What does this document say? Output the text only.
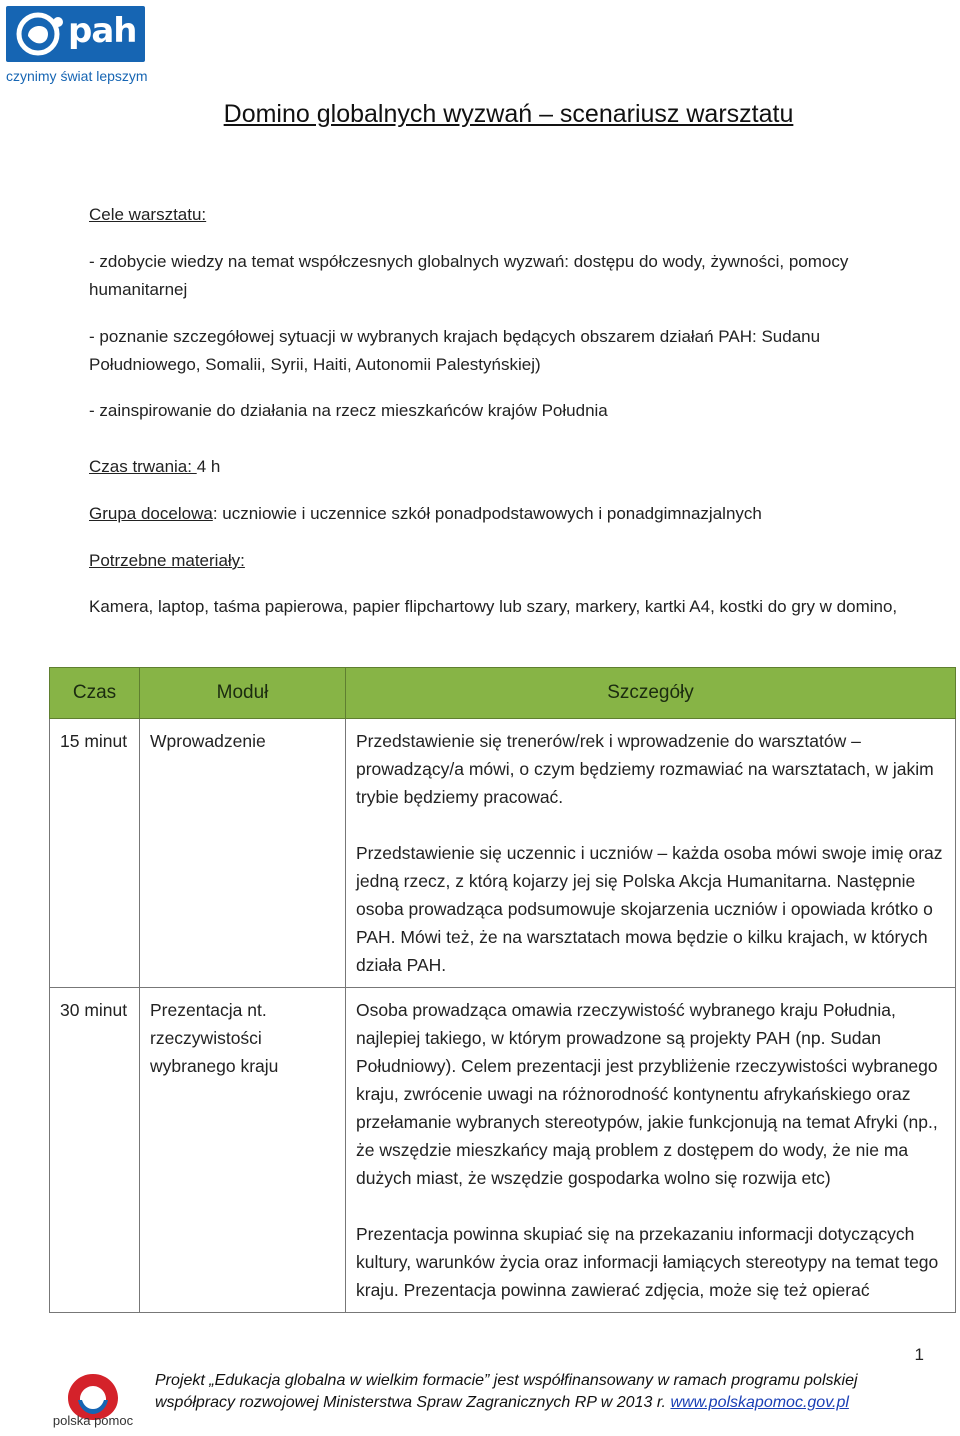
pah
czynimy świat lepszym
Domino globalnych wyzwań – scenariusz warsztatu
Cele warsztatu:
- zdobycie wiedzy na temat współczesnych globalnych wyzwań: dostępu do wody, żywności, pomocy humanitarnej
- poznanie szczegółowej sytuacji w wybranych krajach będących obszarem działań PAH: Sudanu Południowego, Somalii, Syrii, Haiti, Autonomii Palestyńskiej)
- zainspirowanie do działania na rzecz mieszkańców krajów Południa
Czas trwania: 4 h
Grupa docelowa: uczniowie i uczennice szkół ponadpodstawowych i ponadgimnazjalnych
Potrzebne materiały:
Kamera, laptop, taśma papierowa, papier flipchartowy lub szary, markery, kartki A4, kostki do gry w domino,
Czas	Moduł	Szczegóły
15 minut	Wprowadzenie	Przedstawienie się trenerów/rek i wprowadzenie do warsztatów – prowadzący/a mówi, o czym będziemy rozmawiać na warsztatach, w jakim trybie będziemy pracować.

Przedstawienie się uczennic i uczniów – każda osoba mówi swoje imię oraz jedną rzecz, z którą kojarzy jej się Polska Akcja Humanitarna. Następnie osoba prowadząca podsumowuje skojarzenia uczniów i opowiada krótko o PAH. Mówi też, że na warsztatach mowa będzie o kilku krajach, w których działa PAH.

30 minut	Prezentacja nt. rzeczywistości wybranego kraju	Osoba prowadząca omawia rzeczywistość wybranego kraju Południa, najlepiej takiego, w którym prowadzone są projekty PAH (np. Sudan Południowy). Celem prezentacji jest przybliżenie rzeczywistości wybranego kraju, zwrócenie uwagi na różnorodność kontynentu afrykańskiego oraz przełamanie wybranych stereotypów, jakie funkcjonują na temat Afryki (np., że wszędzie mieszkańcy mają problem z dostępem do wody, że nie ma dużych miast, że wszędzie gospodarka wolno się rozwija etc)

Prezentacja powinna skupiać się na przekazaniu informacji dotyczących kultury, warunków życia oraz informacji łamiących stereotypy na temat tego kraju. Prezentacja powinna zawierać zdjęcia, może się też opierać

1
polska pomoc
Projekt „Edukacja globalna w wielkim formacie” jest współfinansowany w ramach programu polskiej współpracy rozwojowej Ministerstwa Spraw Zagranicznych RP w 2013 r. www.polskapomoc.gov.pl
